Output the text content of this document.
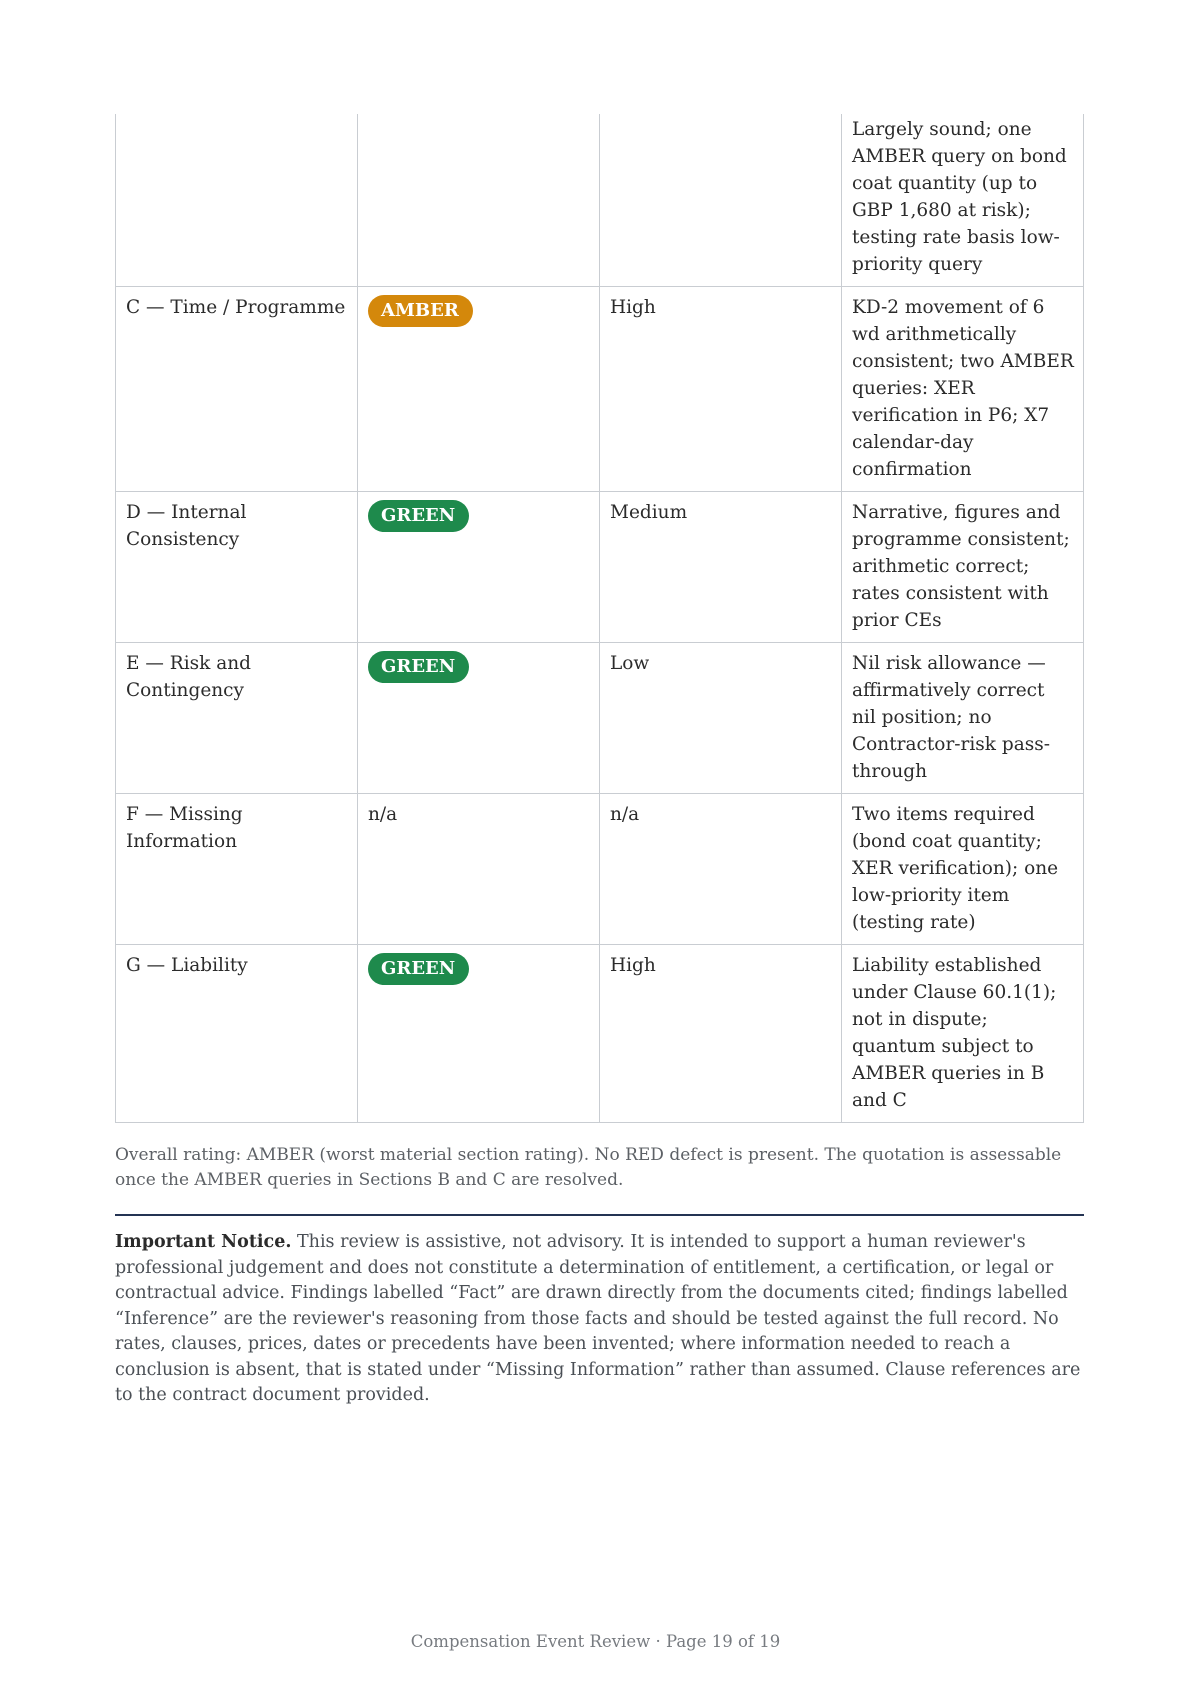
			Largely sound; one AMBER query on bond coat quantity (up to GBP 1,680 at risk); testing rate basis low-priority query
C — Time / Programme	AMBER	High	KD-2 movement of 6 wd arithmetically consistent; two AMBER queries: XER verification in P6; X7 calendar-day confirmation
D — Internal Consistency	GREEN	Medium	Narrative, figures and programme consistent; arithmetic correct; rates consistent with prior CEs
E — Risk and Contingency	GREEN	Low	Nil risk allowance — affirmatively correct nil position; no Contractor-risk pass-through
F — Missing Information	n/a	n/a	Two items required (bond coat quantity; XER verification); one low-priority item (testing rate)
G — Liability	GREEN	High	Liability established under Clause 60.1(1); not in dispute; quantum subject to AMBER queries in B and C
Overall rating: AMBER (worst material section rating). No RED defect is present. The quotation is assessable once the AMBER queries in Sections B and C are resolved.

Important Notice. This review is assistive, not advisory. It is intended to support a human reviewer's professional judgement and does not constitute a determination of entitlement, a certification, or legal or contractual advice. Findings labelled “Fact” are drawn directly from the documents cited; findings labelled “Inference” are the reviewer's reasoning from those facts and should be tested against the full record. No rates, clauses, prices, dates or precedents have been invented; where information needed to reach a conclusion is absent, that is stated under “Missing Information” rather than assumed. Clause references are to the contract document provided.

Compensation Event Review · Page 19 of 19
